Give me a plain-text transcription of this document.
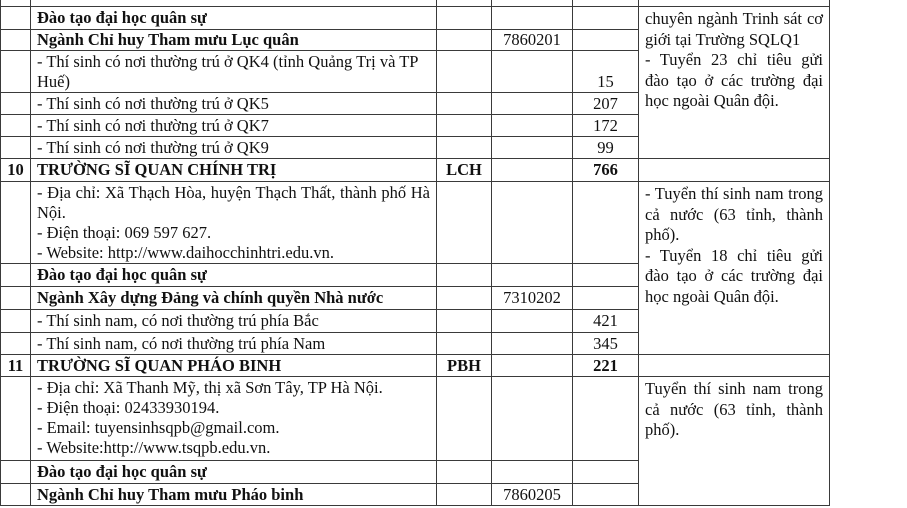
	Đào tạo đại học quân sự				chuyên ngành Trinh sát cơ giới tại Trường SQLQ1
- Tuyển 23 chỉ tiêu gửi đào tạo ở các trường đại học ngoài Quân đội.

	Ngành Chỉ huy Tham mưu Lục quân		7860201		
	- Thí sinh có nơi thường trú ở QK4 (tỉnh Quảng Trị và TP Huế)			15	
	- Thí sinh có nơi thường trú ở QK5			207	
	- Thí sinh có nơi thường trú ở QK7			172	
	- Thí sinh có nơi thường trú ở QK9			99	
10	TRƯỜNG SĨ QUAN CHÍNH TRỊ	LCH		766	

	- Địa chỉ: Xã Thạch Hòa, huyện Thạch Thất, thành phố Hà Nội.
- Điện thoại: 069 597 627.
- Website: http://www.daihocchinhtri.edu.vn.				- Tuyển thí sinh nam trong cả nước (63 tỉnh, thành phố).
- Tuyển 18 chỉ tiêu gửi đào tạo ở các trường đại học ngoài Quân đội.

	Đào tạo đại học quân sự				
	Ngành Xây dựng Đảng và chính quyền Nhà nước		7310202		
	- Thí sinh nam, có nơi thường trú phía Bắc			421	
	- Thí sinh nam, có nơi thường trú phía Nam			345	
11	TRƯỜNG SĨ QUAN PHÁO BINH	PBH		221	

	- Địa chỉ: Xã Thanh Mỹ, thị xã Sơn Tây, TP Hà Nội.
- Điện thoại: 02433930194.
- Email: tuyensinhsqpb@gmail.com.
- Website:http://www.tsqpb.edu.vn.				Tuyển thí sinh nam trong cả nước (63 tỉnh, thành phố).

	Đào tạo đại học quân sự				
	Ngành Chỉ huy Tham mưu Pháo binh		7860205		
